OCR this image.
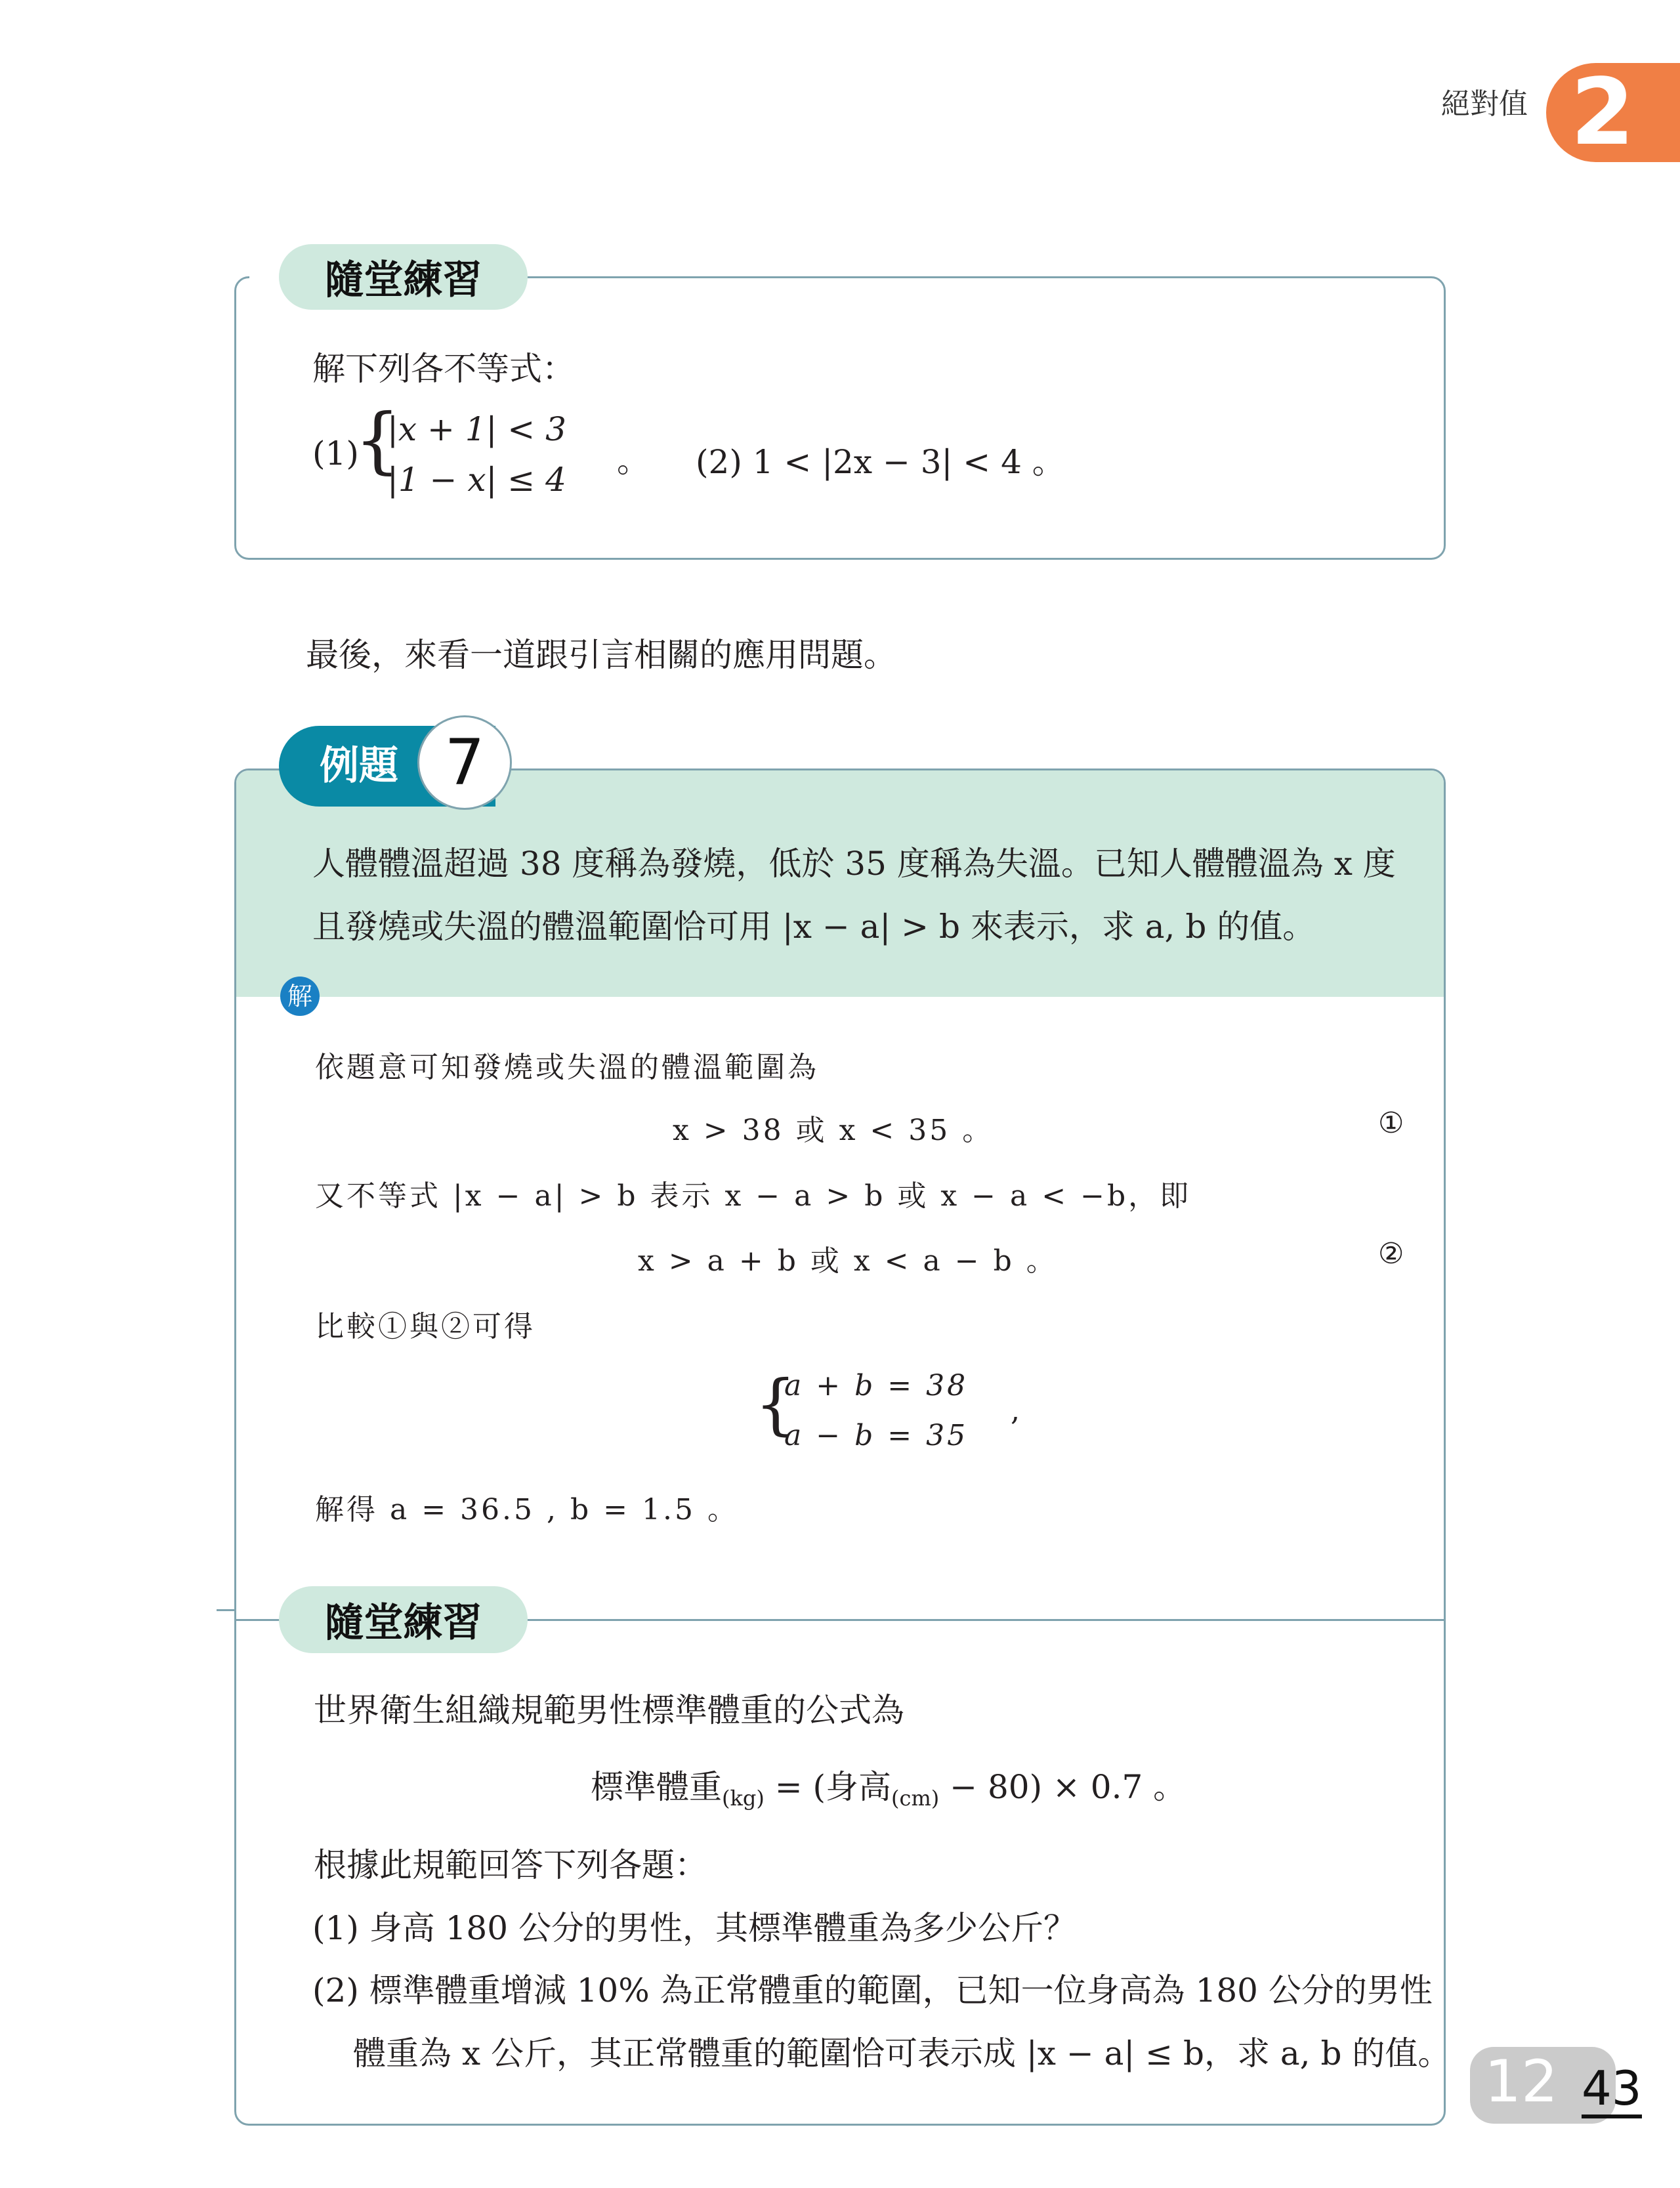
絕對值 2
隨堂練習
解下列各不等式：
(1)
{
|x + 1| < 3
|1 − x| ≤ 4 。 (2) 1 < |2x − 3| < 4 。
最後，來看一道跟引言相關的應用問題。
例題 7
人體體溫超過 38 度稱為發燒，低於 35 度稱為失溫。已知人體體溫為 x 度
且發燒或失溫的體溫範圍恰可用 |x − a| > b 來表示，求 a, b 的值。
解
依題意可知發燒或失溫的體溫範圍為
x > 38 或 x < 35 。	①
又不等式 |x − a| > b 表示 x − a > b 或 x − a < −b，即
x > a + b 或 x < a − b 。	②
比較①與②可得
{
a + b = 38
a − b = 35
,
解得 a = 36.5 , b = 1.5 。
隨堂練習
世界衛生組織規範男性標準體重的公式為
標準體重$_{(kg)}$ = (身高$_{(cm)}$ − 80) × 0.7 。
根據此規範回答下列各題：
(1) 身高 180 公分的男性，其標準體重為多少公斤？
(2) 標準體重增減 10% 為正常體重的範圍，已知一位身高為 180 公分的男性
體重為 x 公斤，其正常體重的範圍恰可表示成 |x − a| ≤ b，求 a, b 的值。 12 43
